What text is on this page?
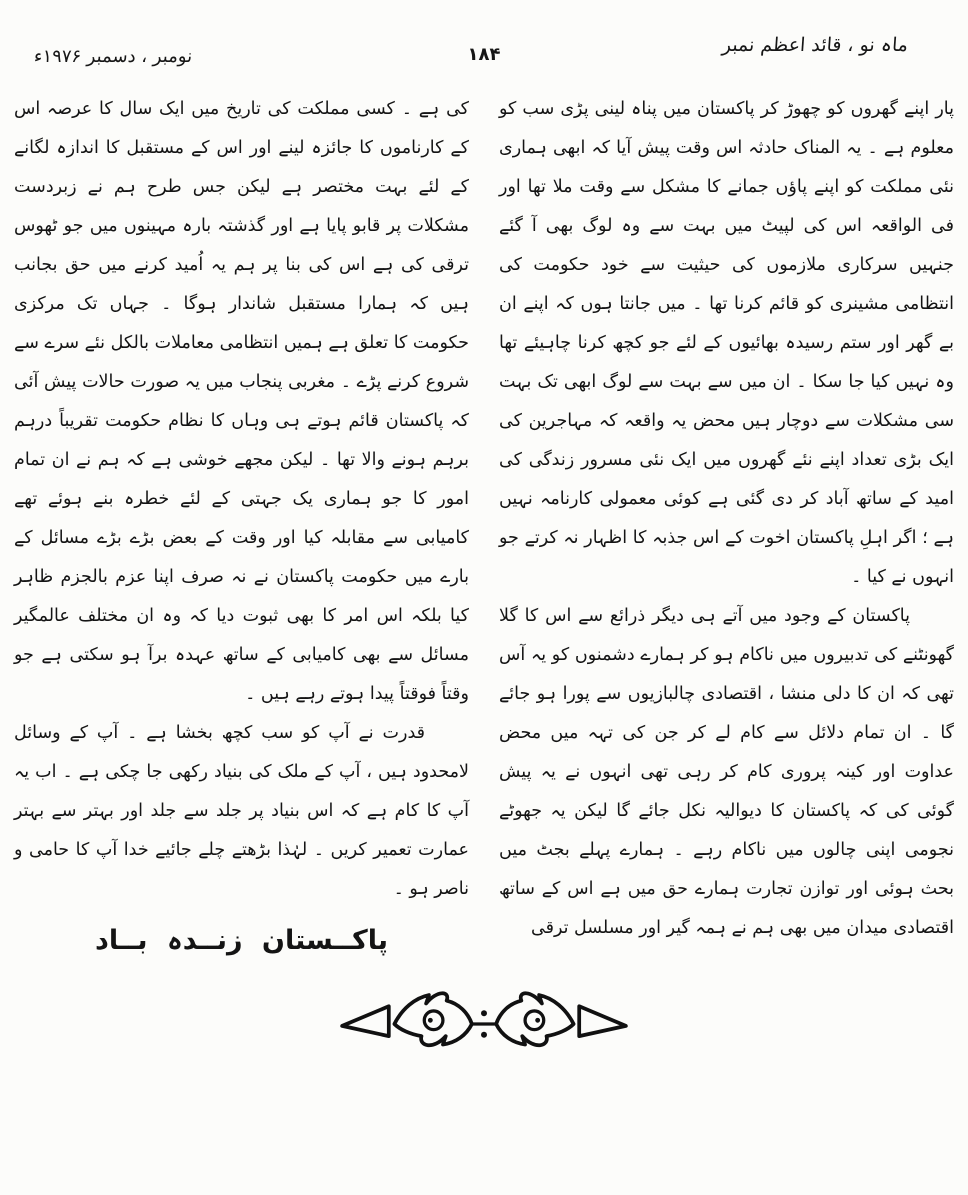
ماہ نو ، قائد اعظم نمبر
۱۸۴
نومبر ، دسمبر ۱۹۷۶ء

پار اپنے گھروں کو چھوڑ کر پاکستان میں پناہ لینی پڑی سب کو معلوم ہے ۔ یہ المناک حادثہ اس وقت پیش آیا کہ ابھی ہماری نئی مملکت کو اپنے پاؤں جمانے کا مشکل سے وقت ملا تھا اور فی الواقعہ اس کی لپیٹ میں بہت سے وہ لوگ بھی آ گئے جنہیں سرکاری ملازموں کی حیثیت سے خود حکومت کی انتظامی مشینری کو قائم کرنا تھا ۔ میں جانتا ہوں کہ اپنے ان بے گھر اور ستم رسیدہ بھائیوں کے لئے جو کچھ کرنا چاہیئے تھا وہ نہیں کیا جا سکا ۔ ان میں سے بہت سے لوگ ابھی تک بہت سی مشکلات سے دوچار ہیں محض یہ واقعہ کہ مہاجرین کی ایک بڑی تعداد اپنے نئے گھروں میں ایک نئی مسرور زندگی کی امید کے ساتھ آباد کر دی گئی ہے کوئی معمولی کارنامہ نہیں ہے ؛ اگر اہلِ پاکستان اخوت کے اس جذبہ کا اظہار نہ کرتے جو انہوں نے کیا ۔

پاکستان کے وجود میں آتے ہی دیگر ذرائع سے اس کا گلا گھونٹنے کی تدبیروں میں ناکام ہو کر ہمارے دشمنوں کو یہ آس تھی کہ ان کا دلی منشا ، اقتصادی چالبازیوں سے پورا ہو جائے گا ۔ ان تمام دلائل سے کام لے کر جن کی تہہ میں محض عداوت اور کینہ پروری کام کر رہی تھی انہوں نے یہ پیش گوئی کی کہ پاکستان کا دیوالیہ نکل جائے گا لیکن یہ جھوٹے نجومی اپنی چالوں میں ناکام رہے ۔ ہمارے پہلے بجٹ میں بحث ہوئی اور توازن تجارت ہمارے حق میں ہے اس کے ساتھ اقتصادی میدان میں بھی ہم نے ہمہ گیر اور مسلسل ترقی

کی ہے ۔ کسی مملکت کی تاریخ میں ایک سال کا عرصہ اس کے کارناموں کا جائزہ لینے اور اس کے مستقبل کا اندازہ لگانے کے لئے بہت مختصر ہے لیکن جس طرح ہم نے زبردست مشکلات پر قابو پایا ہے اور گذشتہ بارہ مہینوں میں جو ٹھوس ترقی کی ہے اس کی بنا پر ہم یہ اُمید کرنے میں حق بجانب ہیں کہ ہمارا مستقبل شاندار ہوگا ۔ جہاں تک مرکزی حکومت کا تعلق ہے ہمیں انتظامی معاملات بالکل نئے سرے سے شروع کرنے پڑے ۔ مغربی پنجاب میں یہ صورت حالات پیش آئی کہ پاکستان قائم ہوتے ہی وہاں کا نظام حکومت تقریباً درہم برہم ہونے والا تھا ۔ لیکن مجھے خوشی ہے کہ ہم نے ان تمام امور کا جو ہماری یک جہتی کے لئے خطرہ بنے ہوئے تھے کامیابی سے مقابلہ کیا اور وقت کے بعض بڑے بڑے مسائل کے بارے میں حکومت پاکستان نے نہ صرف اپنا عزم بالجزم ظاہر کیا بلکہ اس امر کا بھی ثبوت دیا کہ وہ ان مختلف عالمگیر مسائل سے بھی کامیابی کے ساتھ عہدہ برآ ہو سکتی ہے جو وقتاً فوقتاً پیدا ہوتے رہے ہیں ۔

قدرت نے آپ کو سب کچھ بخشا ہے ۔ آپ کے وسائل لامحدود ہیں ، آپ کے ملک کی بنیاد رکھی جا چکی ہے ۔ اب یہ آپ کا کام ہے کہ اس بنیاد پر جلد سے جلد اور بہتر سے بہتر عمارت تعمیر کریں ۔ لہٰذا بڑھتے چلے جائیے خدا آپ کا حامی و ناصر ہو ۔

پاکــستان زنــدہ بــاد
